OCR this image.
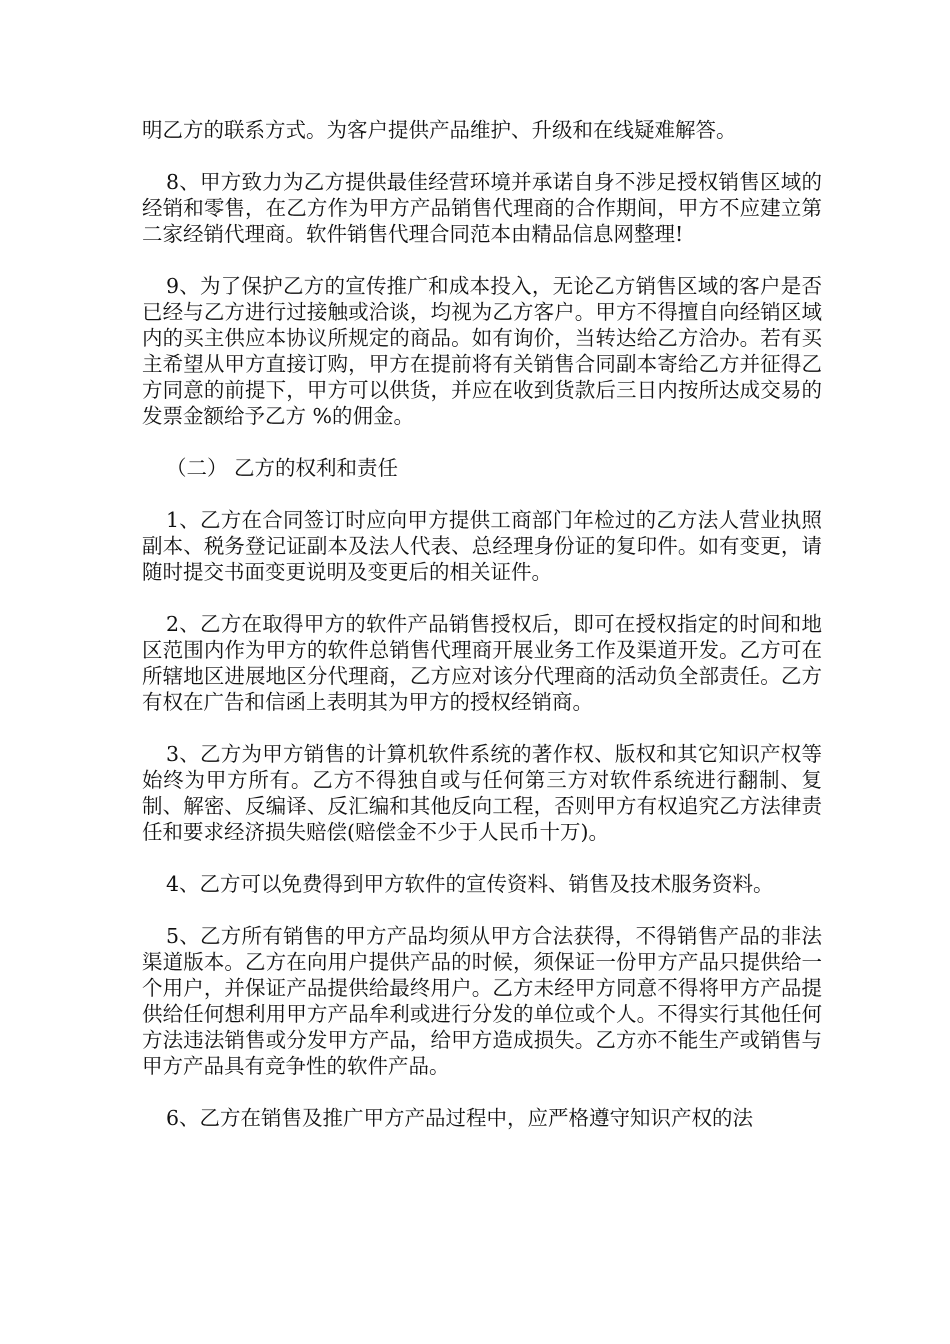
明乙方的联系方式。为客户提供产品维护、升级和在线疑难解答。

8、甲方致力为乙方提供最佳经营环境并承诺自身不涉足授权销售区域的经销和零售，在乙方作为甲方产品销售代理商的合作期间，甲方不应建立第二家经销代理商。软件销售代理合同范本由精品信息网整理!

9、为了保护乙方的宣传推广和成本投入，无论乙方销售区域的客户是否已经与乙方进行过接触或洽谈，均视为乙方客户。甲方不得擅自向经销区域内的买主供应本协议所规定的商品。如有询价，当转达给乙方洽办。若有买主希望从甲方直接订购，甲方在提前将有关销售合同副本寄给乙方并征得乙方同意的前提下，甲方可以供货，并应在收到货款后三日内按所达成交易的发票金额给予乙方 %的佣金。

（二） 乙方的权利和责任

1、乙方在合同签订时应向甲方提供工商部门年检过的乙方法人营业执照副本、税务登记证副本及法人代表、总经理身份证的复印件。如有变更，请随时提交书面变更说明及变更后的相关证件。

2、乙方在取得甲方的软件产品销售授权后，即可在授权指定的时间和地区范围内作为甲方的软件总销售代理商开展业务工作及渠道开发。乙方可在所辖地区进展地区分代理商，乙方应对该分代理商的活动负全部责任。乙方有权在广告和信函上表明其为甲方的授权经销商。

3、乙方为甲方销售的计算机软件系统的著作权、版权和其它知识产权等始终为甲方所有。乙方不得独自或与任何第三方对软件系统进行翻制、复制、解密、反编译、反汇编和其他反向工程，否则甲方有权追究乙方法律责任和要求经济损失赔偿(赔偿金不少于人民币十万)。

4、乙方可以免费得到甲方软件的宣传资料、销售及技术服务资料。

5、乙方所有销售的甲方产品均须从甲方合法获得，不得销售产品的非法渠道版本。乙方在向用户提供产品的时候，须保证一份甲方产品只提供给一个用户，并保证产品提供给最终用户。乙方未经甲方同意不得将甲方产品提供给任何想利用甲方产品牟利或进行分发的单位或个人。不得实行其他任何方法违法销售或分发甲方产品，给甲方造成损失。乙方亦不能生产或销售与甲方产品具有竞争性的软件产品。

6、乙方在销售及推广甲方产品过程中，应严格遵守知识产权的法
